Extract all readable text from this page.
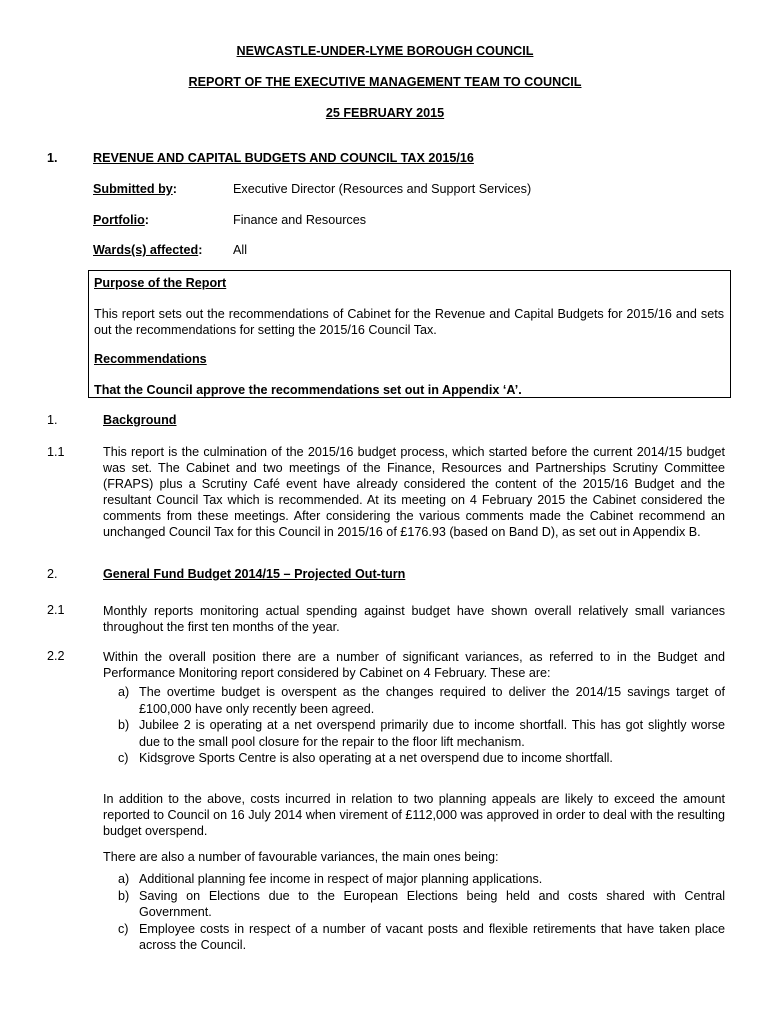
NEWCASTLE-UNDER-LYME BOROUGH COUNCIL
REPORT OF THE EXECUTIVE MANAGEMENT TEAM TO COUNCIL
25 FEBRUARY 2015
1.	REVENUE AND CAPITAL BUDGETS AND COUNCIL TAX 2015/16
Submitted by:	Executive Director (Resources and Support Services)
Portfolio:	Finance and Resources
Wards(s) affected: All
Purpose of the Report
This report sets out the recommendations of Cabinet for the Revenue and Capital Budgets for 2015/16 and sets out the recommendations for setting the 2015/16 Council Tax.
Recommendations
That the Council approve the recommendations set out in Appendix ‘A’.
1.	Background
1.1	This report is the culmination of the 2015/16 budget process, which started before the current 2014/15 budget was set. The Cabinet and two meetings of the Finance, Resources and Partnerships Scrutiny Committee (FRAPS) plus a Scrutiny Café event have already considered the content of the 2015/16 Budget and the resultant Council Tax which is recommended. At its meeting on 4 February 2015 the Cabinet considered the comments from these meetings. After considering the various comments made the Cabinet recommend an unchanged Council Tax for this Council in 2015/16 of £176.93 (based on Band D), as set out in Appendix B.
2.	General Fund Budget 2014/15 – Projected Out-turn
2.1	Monthly reports monitoring actual spending against budget have shown overall relatively small variances throughout the first ten months of the year.
2.2	Within the overall position there are a number of significant variances, as referred to in the Budget and Performance Monitoring report considered by Cabinet on 4 February. These are:
a) The overtime budget is overspent as the changes required to deliver the 2014/15 savings target of £100,000 have only recently been agreed.
b) Jubilee 2 is operating at a net overspend primarily due to income shortfall. This has got slightly worse due to the small pool closure for the repair to the floor lift mechanism.
c) Kidsgrove Sports Centre is also operating at a net overspend due to income shortfall.
In addition to the above, costs incurred in relation to two planning appeals are likely to exceed the amount reported to Council on 16 July 2014 when virement of £112,000 was approved in order to deal with the resulting budget overspend.
There are also a number of favourable variances, the main ones being:
a) Additional planning fee income in respect of major planning applications.
b) Saving on Elections due to the European Elections being held and costs shared with Central Government.
c) Employee costs in respect of a number of vacant posts and flexible retirements that have taken place across the Council.
